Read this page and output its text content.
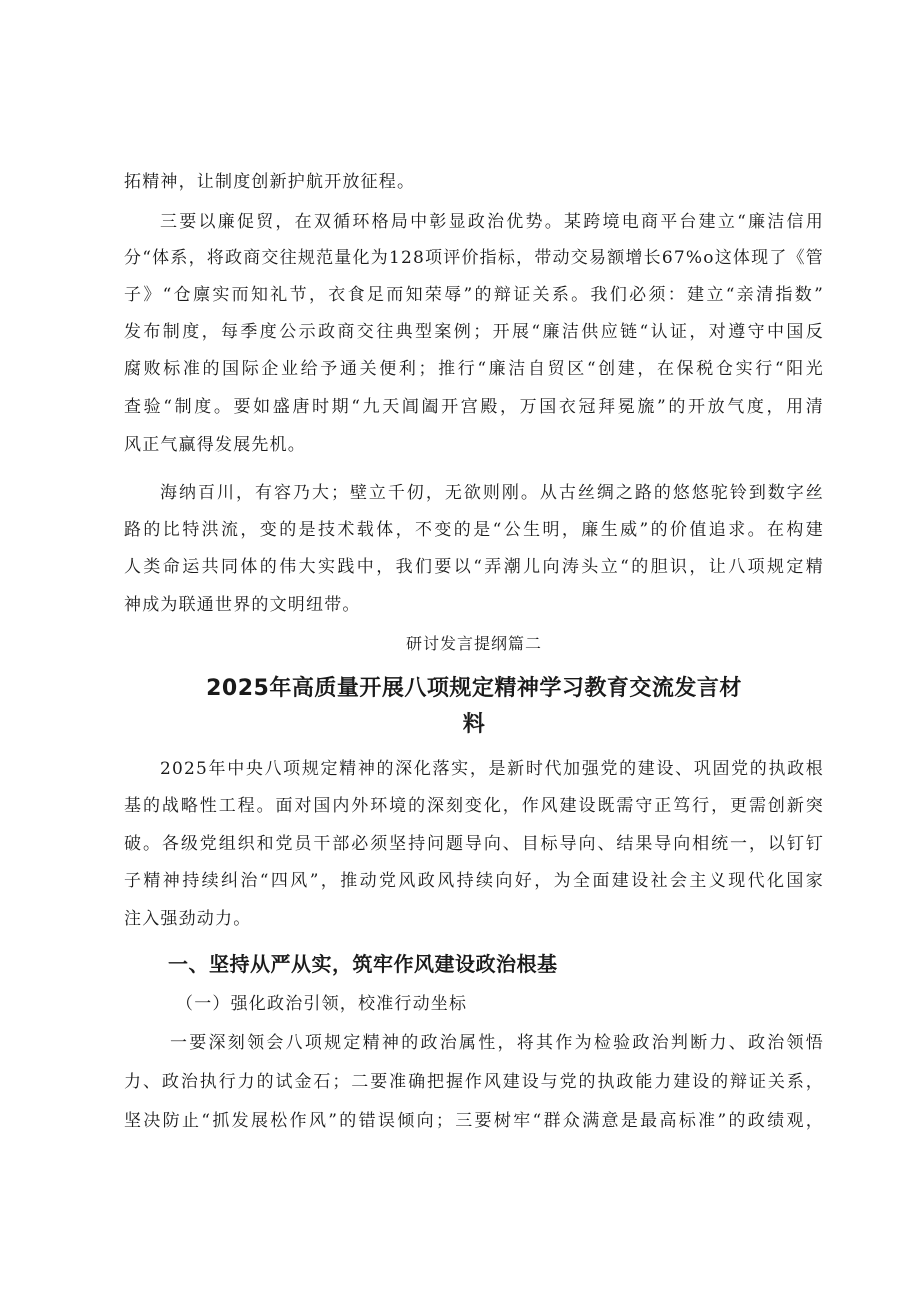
拓精神，让制度创新护航开放征程。

三要以廉促贸，在双循环格局中彰显政治优势。某跨境电商平台建立“廉洁信用

分“体系，将政商交往规范量化为128项评价指标，带动交易额增长67%o这体现了《管

子》“仓廪实而知礼节，衣食足而知荣辱”的辩证关系。我们必须：建立“亲清指数”

发布制度，每季度公示政商交往典型案例；开展“廉洁供应链“认证，对遵守中国反

腐败标准的国际企业给予通关便利；推行“廉洁自贸区“创建，在保税仓实行“阳光

查验“制度。要如盛唐时期“九天阊阖开宫殿，万国衣冠拜冕旒”的开放气度，用清

风正气赢得发展先机。

海纳百川，有容乃大；壁立千仞，无欲则刚。从古丝绸之路的悠悠驼铃到数字丝

路的比特洪流，变的是技术载体，不变的是“公生明，廉生威”的价值追求。在构建

人类命运共同体的伟大实践中，我们要以“弄潮儿向涛头立“的胆识，让八项规定精

神成为联通世界的文明纽带。

研讨发言提纲篇二

2025年高质量开展八项规定精神学习教育交流发言材

料

2025年中央八项规定精神的深化落实，是新时代加强党的建设、巩固党的执政根

基的战略性工程。面对国内外环境的深刻变化，作风建设既需守正笃行，更需创新突

破。各级党组织和党员干部必须坚持问题导向、目标导向、结果导向相统一，以钉钉

子精神持续纠治“四风”，推动党风政风持续向好，为全面建设社会主义现代化国家

注入强劲动力。

一、坚持从严从实，筑牢作风建设政治根基

（一）强化政治引领，校准行动坐标

一要深刻领会八项规定精神的政治属性，将其作为检验政治判断力、政治领悟

力、政治执行力的试金石；二要准确把握作风建设与党的执政能力建设的辩证关系，

坚决防止“抓发展松作风”的错误倾向；三要树牢“群众满意是最高标准”的政绩观，
